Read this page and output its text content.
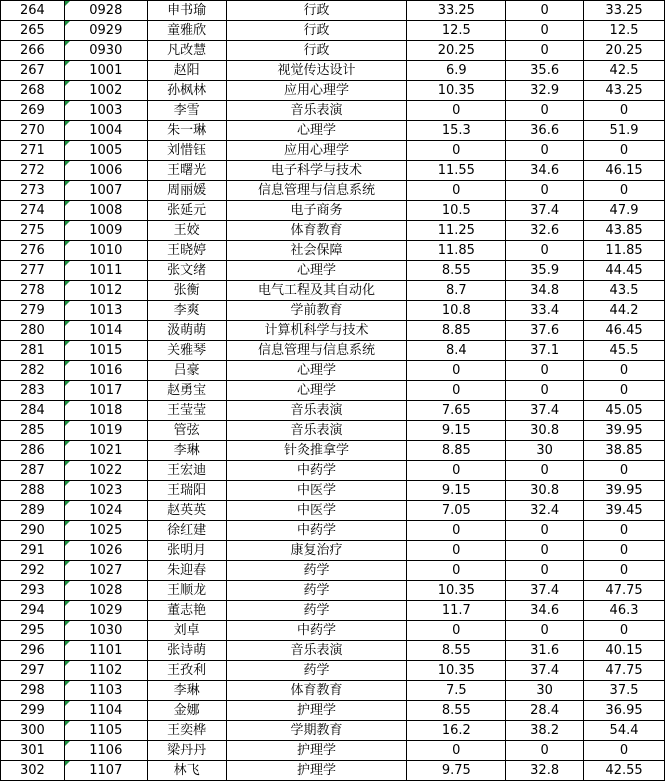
264	0928	申书瑜	行政	33.25	0	33.25
265	0929	童雅欣	行政	12.5	0	12.5
266	0930	凡改慧	行政	20.25	0	20.25
267	1001	赵阳	视觉传达设计	6.9	35.6	42.5
268	1002	孙枫林	应用心理学	10.35	32.9	43.25
269	1003	李雪	音乐表演	0	0	0
270	1004	朱一琳	心理学	15.3	36.6	51.9
271	1005	刘惜钰	应用心理学	0	0	0
272	1006	王曙光	电子科学与技术	11.55	34.6	46.15
273	1007	周丽媛	信息管理与信息系统	0	0	0
274	1008	张延元	电子商务	10.5	37.4	47.9
275	1009	王姣	体育教育	11.25	32.6	43.85
276	1010	王晓婷	社会保障	11.85	0	11.85
277	1011	张文绪	心理学	8.55	35.9	44.45
278	1012	张衡	电气工程及其自动化	8.7	34.8	43.5
279	1013	李爽	学前教育	10.8	33.4	44.2
280	1014	汲萌萌	计算机科学与技术	8.85	37.6	46.45
281	1015	关雅琴	信息管理与信息系统	8.4	37.1	45.5
282	1016	吕豪	心理学	0	0	0
283	1017	赵勇宝	心理学	0	0	0
284	1018	王莹莹	音乐表演	7.65	37.4	45.05
285	1019	管弦	音乐表演	9.15	30.8	39.95
286	1021	李琳	针灸推拿学	8.85	30	38.85
287	1022	王宏迪	中药学	0	0	0
288	1023	王瑞阳	中医学	9.15	30.8	39.95
289	1024	赵英英	中医学	7.05	32.4	39.45
290	1025	徐红建	中药学	0	0	0
291	1026	张明月	康复治疗	0	0	0
292	1027	朱迎春	药学	0	0	0
293	1028	王顺龙	药学	10.35	37.4	47.75
294	1029	董志艳	药学	11.7	34.6	46.3
295	1030	刘卓	中药学	0	0	0
296	1101	张诗萌	音乐表演	8.55	31.6	40.15
297	1102	王孜利	药学	10.35	37.4	47.75
298	1103	李琳	体育教育	7.5	30	37.5
299	1104	金娜	护理学	8.55	28.4	36.95
300	1105	王奕桦	学期教育	16.2	38.2	54.4
301	1106	梁丹丹	护理学	0	0	0
302	1107	林飞	护理学	9.75	32.8	42.55
